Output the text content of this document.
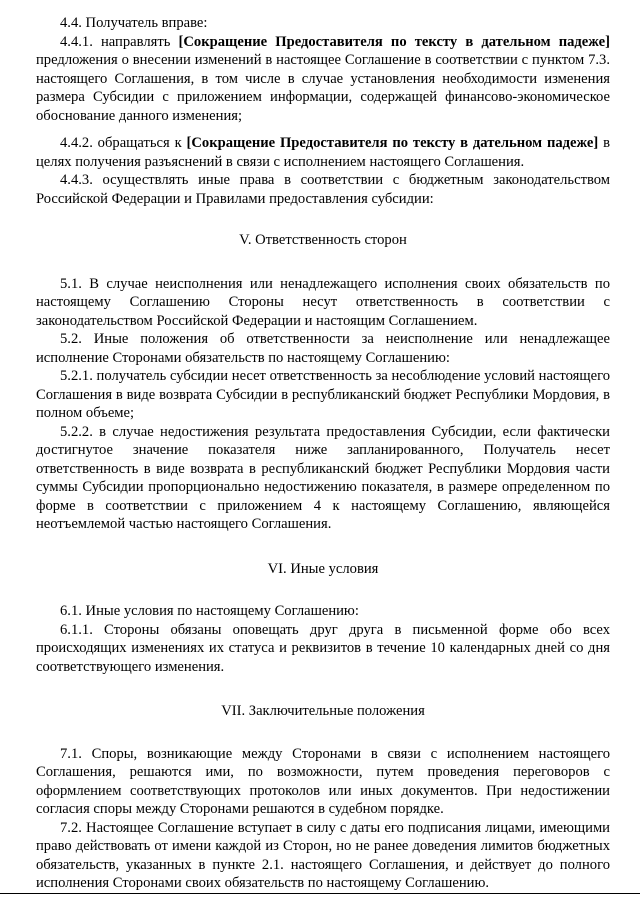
4.4. Получатель вправе:

4.4.1. направлять [Сокращение Предоставителя по тексту в дательном падеже] предложения о внесении изменений в настоящее Соглашение в соответствии с пунктом 7.3. настоящего Соглашения, в том числе в случае установления необходимости изменения размера Субсидии с приложением информации, содержащей финансово-экономическое обоснование данного изменения;

4.4.2. обращаться к [Сокращение Предоставителя по тексту в дательном падеже] в целях получения разъяснений в связи с исполнением настоящего Соглашения.

4.4.3. осуществлять иные права в соответствии с бюджетным законодательством Российской Федерации и Правилами предоставления субсидии:

V. Ответственность сторон

5.1. В случае неисполнения или ненадлежащего исполнения своих обязательств по настоящему Соглашению Стороны несут ответственность в соответствии с законодательством Российской Федерации и настоящим Соглашением.

5.2. Иные положения об ответственности за неисполнение или ненадлежащее исполнение Сторонами обязательств по настоящему Соглашению:

5.2.1. получатель субсидии несет ответственность за несоблюдение условий настоящего Соглашения в виде возврата Субсидии в республиканский бюджет Республики Мордовия, в полном объеме;

5.2.2. в случае недостижения результата предоставления Субсидии, если фактически достигнутое значение показателя ниже запланированного, Получатель несет ответственность в виде возврата в республиканский бюджет Республики Мордовия части суммы Субсидии пропорционально недостижению показателя, в размере определенном по форме в соответствии с приложением 4 к настоящему Соглашению, являющейся неотъемлемой частью настоящего Соглашения.

VI. Иные условия

6.1. Иные условия по настоящему Соглашению:

6.1.1. Стороны обязаны оповещать друг друга в письменной форме обо всех происходящих изменениях их статуса и реквизитов в течение 10 календарных дней со дня соответствующего изменения.

VII. Заключительные положения

7.1. Споры, возникающие между Сторонами в связи с исполнением настоящего Соглашения, решаются ими, по возможности, путем проведения переговоров с оформлением соответствующих протоколов или иных документов. При недостижении согласия споры между Сторонами решаются в судебном порядке.

7.2. Настоящее Соглашение вступает в силу с даты его подписания лицами, имеющими право действовать от имени каждой из Сторон, но не ранее доведения лимитов бюджетных обязательств, указанных в пункте 2.1. настоящего Соглашения, и действует до полного исполнения Сторонами своих обязательств по настоящему Соглашению.
